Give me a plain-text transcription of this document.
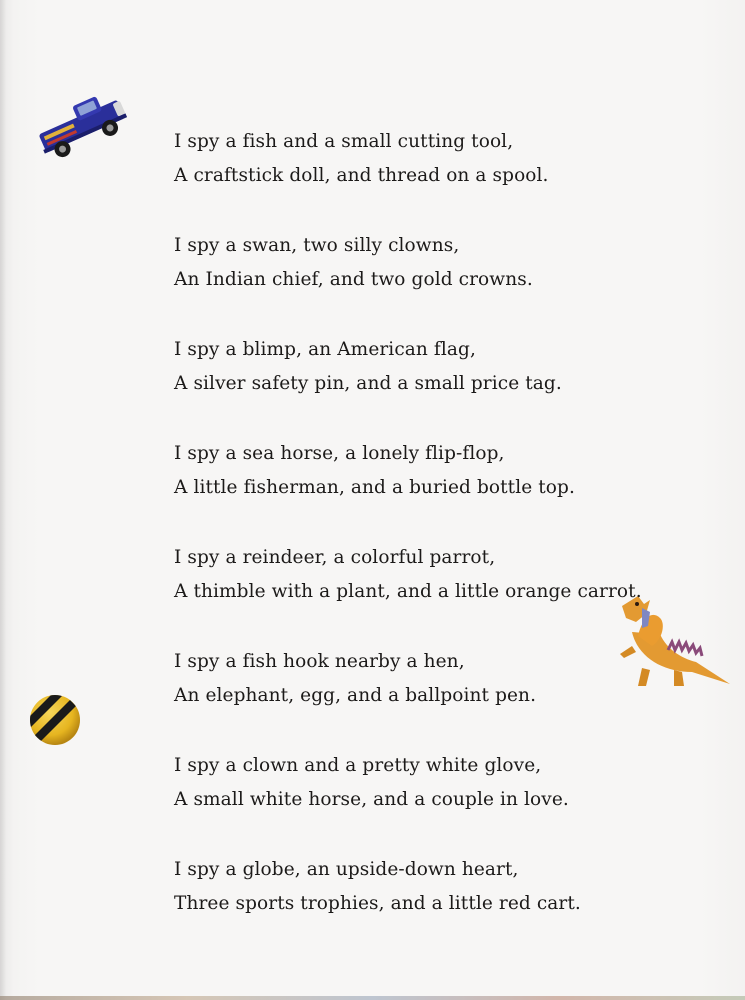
I spy a fish and a small cutting tool,
A craftstick doll, and thread on a spool.
I spy a swan, two silly clowns,
An Indian chief, and two gold crowns.
I spy a blimp, an American flag,
A silver safety pin, and a small price tag.
I spy a sea horse, a lonely flip-flop,
A little fisherman, and a buried bottle top.
I spy a reindeer, a colorful parrot,
A thimble with a plant, and a little orange carrot.
I spy a fish hook nearby a hen,
An elephant, egg, and a ballpoint pen.
I spy a clown and a pretty white glove,
A small white horse, and a couple in love.
I spy a globe, an upside-down heart,
Three sports trophies, and a little red cart.
